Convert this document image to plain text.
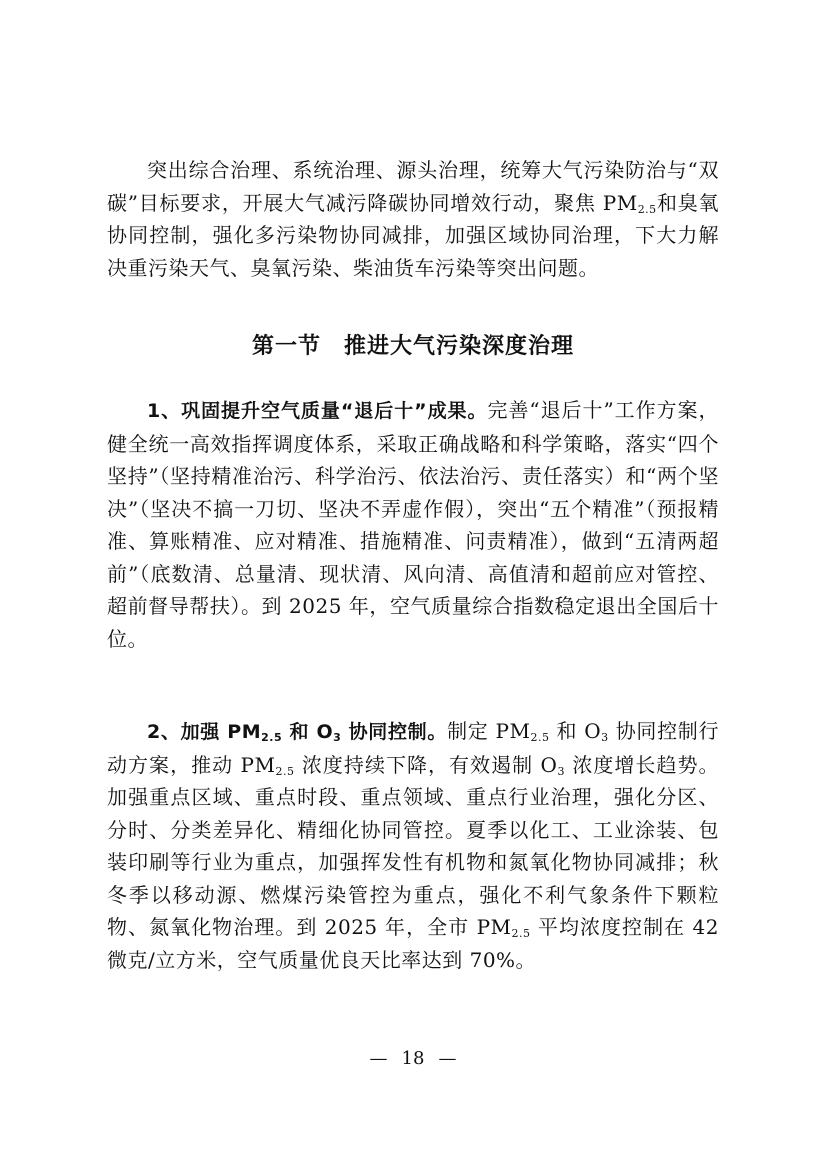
突出综合治理、系统治理、源头治理，统筹大气污染防治与“双碳”目标要求，开展大气减污降碳协同增效行动，聚焦 $PM_{2.5}$和臭氧协同控制，强化多污染物协同减排，加强区域协同治理，下大力解决重污染天气、臭氧污染、柴油货车污染等突出问题。

第一节　推进大气污染深度治理

1、巩固提升空气质量“退后十”成果。完善“退后十”工作方案，健全统一高效指挥调度体系，采取正确战略和科学策略，落实“四个坚持”（坚持精准治污、科学治污、依法治污、责任落实）和“两个坚决”（坚决不搞一刀切、坚决不弄虚作假），突出“五个精准”（预报精准、算账精准、应对精准、措施精准、问责精准），做到“五清两超前”（底数清、总量清、现状清、风向清、高值清和超前应对管控、超前督导帮扶）。到 2025 年，空气质量综合指数稳定退出全国后十位。

2、加强 $PM_{2.5}$ 和 $O_3$ 协同控制。制定 $PM_{2.5}$ 和 $O_3$ 协同控制行动方案，推动 $PM_{2.5}$ 浓度持续下降，有效遏制 $O_3$ 浓度增长趋势。加强重点区域、重点时段、重点领域、重点行业治理，强化分区、分时、分类差异化、精细化协同管控。夏季以化工、工业涂装、包装印刷等行业为重点，加强挥发性有机物和氮氧化物协同减排；秋冬季以移动源、燃煤污染管控为重点，强化不利气象条件下颗粒物、氮氧化物治理。到 2025 年，全市 $PM_{2.5}$ 平均浓度控制在 42 微克/立方米，空气质量优良天比率达到 70%。

— 18 —
